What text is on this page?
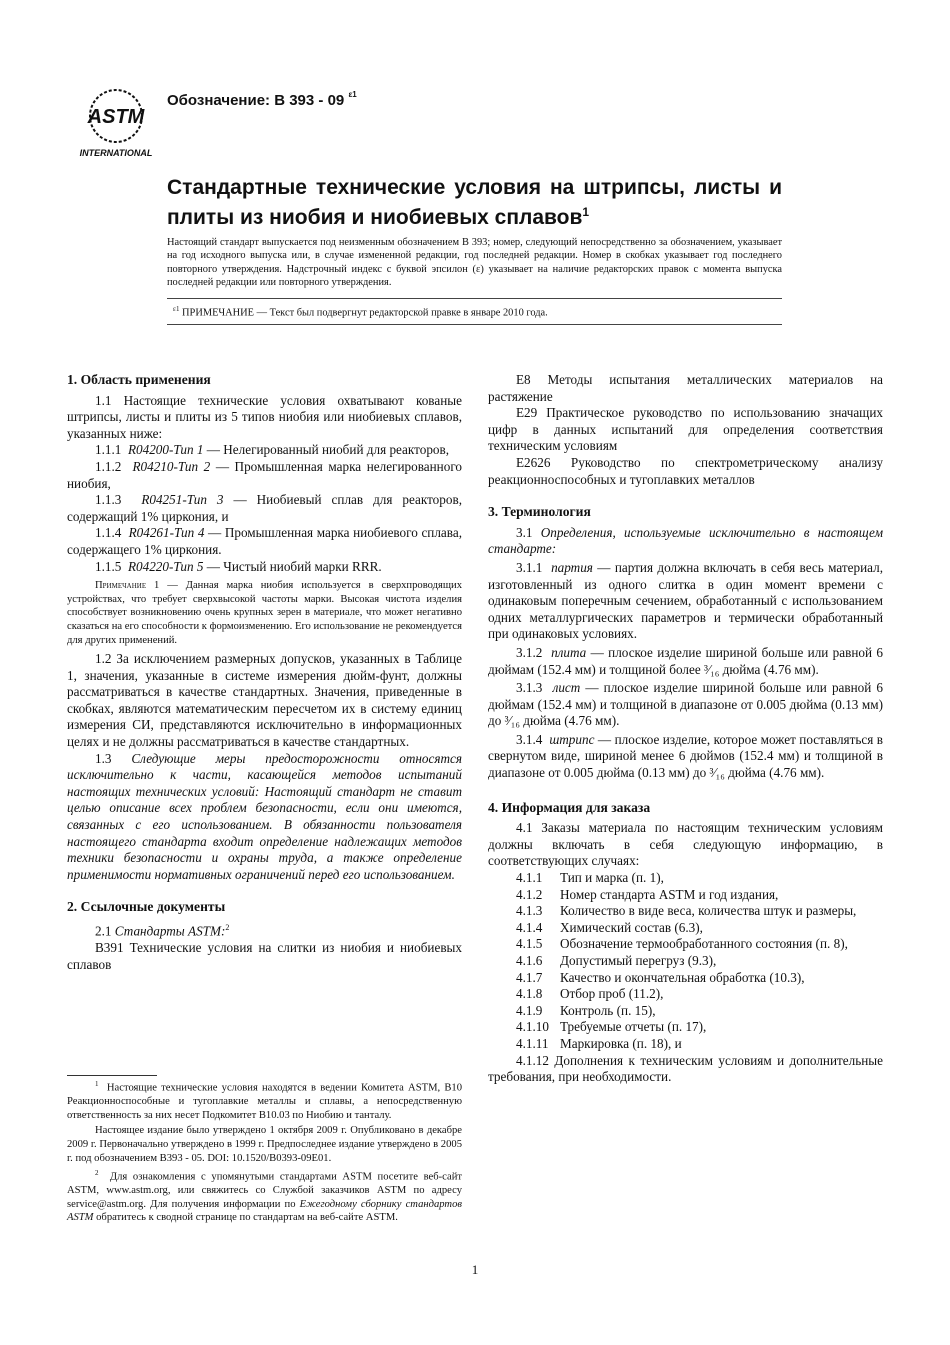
ASTM
INTERNATIONAL
Обозначение: B 393 - 09 $^{\varepsilon 1}$
Стандартные технические условия на штрипсы, листы и плиты из ниобия и ниобиевых сплавов$^1$
Настоящий стандарт выпускается под неизменным обозначением B 393; номер, следующий непосредственно за обозначением, указывает на год исходного выпуска или, в случае измененной редакции, год последней редакции. Номер в скобках указывает год последнего повторного утверждения. Надстрочный индекс с буквой эпсилон (ε) указывает на наличие редакторских правок с момента выпуска последней редакции или повторного утверждения.
$^{\varepsilon 1}$ ПРИМЕЧАНИЕ — Текст был подвергнут редакторской правке в январе 2010 года.

1. Область применения

1.1 Настоящие технические условия охватывают кованые штрипсы, листы и плиты из 5 типов ниобия или ниобиевых сплавов, указанных ниже:

1.1.1 R04200-Тип 1 — Нелегированный ниобий для реакторов,

1.1.2 R04210-Тип 2 — Промышленная марка нелегированного ниобия,

1.1.3 R04251-Тип 3 — Ниобиевый сплав для реакторов, содержащий 1% циркония, и

1.1.4 R04261-Тип 4 — Промышленная марка ниобиевого сплава, содержащего 1% циркония.

1.1.5 R04220-Тип 5 — Чистый ниобий марки RRR.

Примечание 1 — Данная марка ниобия используется в сверхпроводящих устройствах, что требует сверхвысокой частоты марки. Высокая чистота изделия способствует возникновению очень крупных зерен в материале, что может негативно сказаться на его способности к формоизменению. Его использование не рекомендуется для других применений.

1.2 За исключением размерных допусков, указанных в Таблице 1, значения, указанные в системе измерения дюйм-фунт, должны рассматриваться в качестве стандартных. Значения, приведенные в скобках, являются математическим пересчетом их в систему единиц измерения СИ, представляются исключительно в информационных целях и не должны рассматриваться в качестве стандартных.

1.3 Следующие меры предосторожности относятся исключительно к части, касающейся методов испытаний настоящих технических условий: Настоящий стандарт не ставит целью описание всех проблем безопасности, если они имеются, связанных с его использованием. В обязанности пользователя настоящего стандарта входит определение надлежащих методов техники безопасности и охраны труда, а также определение применимости нормативных ограничений перед его использованием.

2. Ссылочные документы

2.1 Стандарты ASTM:$^2$

B391 Технические условия на слитки из ниобия и ниобиевых сплавов

$^1$ Настоящие технические условия находятся в ведении Комитета ASTM, B10 Реакционноспособные и тугоплавкие металлы и сплавы, а непосредственную ответственность за них несет Подкомитет B10.03 по Ниобию и танталу.

Настоящее издание было утверждено 1 октября 2009 г. Опубликовано в декабре 2009 г. Первоначально утверждено в 1999 г. Предпоследнее издание утверждено в 2005 г. под обозначением B393 - 05. DOI: 10.1520/B0393-09E01.

$^2$ Для ознакомления с упомянутыми стандартами ASTM посетите веб-сайт ASTM, www.astm.org, или свяжитесь со Службой заказчиков ASTM по адресу service@astm.org. Для получения информации по Ежегодному сборнику стандартов ASTM обратитесь к сводной странице по стандартам на веб-сайте ASTM.

E8 Методы испытания металлических материалов на растяжение

E29 Практическое руководство по использованию значащих цифр в данных испытаний для определения соответствия техническим условиям

E2626 Руководство по спектрометрическому анализу реакционноспособных и тугоплавких металлов

3. Терминология

3.1 Определения, используемые исключительно в настоящем стандарте:

3.1.1 партия — партия должна включать в себя весь материал, изготовленный из одного слитка в один момент времени с одинаковым поперечным сечением, обработанный с использованием одних металлургических параметров и термически обработанный при одинаковых условиях.

3.1.2 плита — плоское изделие шириной больше или равной 6 дюймам (152.4 мм) и толщиной более ³⁄₁₆ дюйма (4.76 мм).

3.1.3 лист — плоское изделие шириной больше или равной 6 дюймам (152.4 мм) и толщиной в диапазоне от 0.005 дюйма (0.13 мм) до ³⁄₁₆ дюйма (4.76 мм).

3.1.4 штрипс — плоское изделие, которое может поставляться в свернутом виде, шириной менее 6 дюймов (152.4 мм) и толщиной в диапазоне от 0.005 дюйма (0.13 мм) до ³⁄₁₆ дюйма (4.76 мм).

4. Информация для заказа

4.1 Заказы материала по настоящим техническим условиям должны включать в себя следующую информацию, в соответствующих случаях:

4.1.1 Тип и марка (п. 1),

4.1.2 Номер стандарта ASTM и год издания,

4.1.3 Количество в виде веса, количества штук и размеры,

4.1.4 Химический состав (6.3),

4.1.5 Обозначение термообработанного состояния (п. 8),

4.1.6 Допустимый перегруз (9.3),

4.1.7 Качество и окончательная обработка (10.3),

4.1.8 Отбор проб (11.2),

4.1.9 Контроль (п. 15),

4.1.10 Требуемые отчеты (п. 17),

4.1.11 Маркировка (п. 18), и

4.1.12 Дополнения к техническим условиям и дополнительные требования, при необходимости.

1
